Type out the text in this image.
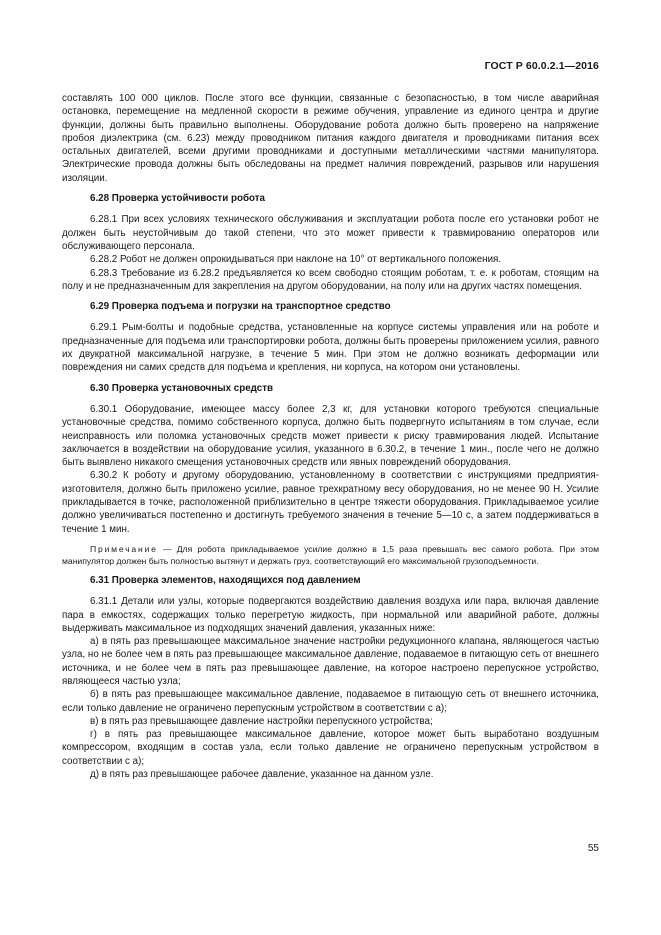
ГОСТ Р 60.0.2.1—2016

составлять 100 000 циклов. После этого все функции, связанные с безопасностью, в том числе аварийная остановка, перемещение на медленной скорости в режиме обучения, управление из единого центра и другие функции, должны быть правильно выполнены. Оборудование робота должно быть проверено на напряжение пробоя диэлектрика (см. 6.23) между проводником питания каждого двигателя и проводниками питания всех остальных двигателей, всеми другими проводниками и доступными металлическими частями манипулятора. Электрические провода должны быть обследованы на предмет наличия повреждений, разрывов или нарушения изоляции.

6.28 Проверка устойчивости робота

6.28.1 При всех условиях технического обслуживания и эксплуатации робота после его установки робот не должен быть неустойчивым до такой степени, что это может привести к травмированию операторов или обслуживающего персонала.

6.28.2 Робот не должен опрокидываться при наклоне на 10° от вертикального положения.

6.28.3 Требование из 6.28.2 предъявляется ко всем свободно стоящим роботам, т. е. к роботам, стоящим на полу и не предназначенным для закрепления на другом оборудовании, на полу или на других частях помещения.

6.29 Проверка подъема и погрузки на транспортное средство

6.29.1 Рым-болты и подобные средства, установленные на корпусе системы управления или на роботе и предназначенные для подъема или транспортировки робота, должны быть проверены приложением усилия, равного их двукратной максимальной нагрузке, в течение 5 мин. При этом не должно возникать деформации или повреждения ни самих средств для подъема и крепления, ни корпуса, на котором они установлены.

6.30 Проверка установочных средств

6.30.1 Оборудование, имеющее массу более 2,3 кг, для установки которого требуются специальные установочные средства, помимо собственного корпуса, должно быть подвергнуто испытаниям в том случае, если неисправность или поломка установочных средств может привести к риску травмирования людей. Испытание заключается в воздействии на оборудование усилия, указанного в 6.30.2, в течение 1 мин., после чего не должно быть выявлено никакого смещения установочных средств или явных повреждений оборудования.

6.30.2 К роботу и другому оборудованию, установленному в соответствии с инструкциями предприятия-изготовителя, должно быть приложено усилие, равное трехкратному весу оборудования, но не менее 90 Н. Усилие прикладывается в точке, расположенной приблизительно в центре тяжести оборудования. Прикладываемое усилие должно увеличиваться постепенно и достигнуть требуемого значения в течение 5—10 с, а затем поддерживаться в течение 1 мин.

Примечание — Для робота прикладываемое усилие должно в 1,5 раза превышать вес самого робота. При этом манипулятор должен быть полностью вытянут и держать груз, соответствующий его максимальной грузоподъемности.

6.31 Проверка элементов, находящихся под давлением

6.31.1 Детали или узлы, которые подвергаются воздействию давления воздуха или пара, включая давление пара в емкостях, содержащих только перегретую жидкость, при нормальной или аварийной работе, должны выдерживать максимальное из подходящих значений давления, указанных ниже:

а) в пять раз превышающее максимальное значение настройки редукционного клапана, являющегося частью узла, но не более чем в пять раз превышающее максимальное давление, подаваемое в питающую сеть от внешнего источника, и не более чем в пять раз превышающее давление, на которое настроено перепускное устройство, являющееся частью узла;

б) в пять раз превышающее максимальное давление, подаваемое в питающую сеть от внешнего источника, если только давление не ограничено перепускным устройством в соответствии с а);

в) в пять раз превышающее давление настройки перепускного устройства;

г) в пять раз превышающее максимальное давление, которое может быть выработано воздушным компрессором, входящим в состав узла, если только давление не ограничено перепускным устройством в соответствии с а);

д) в пять раз превышающее рабочее давление, указанное на данном узле.

55
